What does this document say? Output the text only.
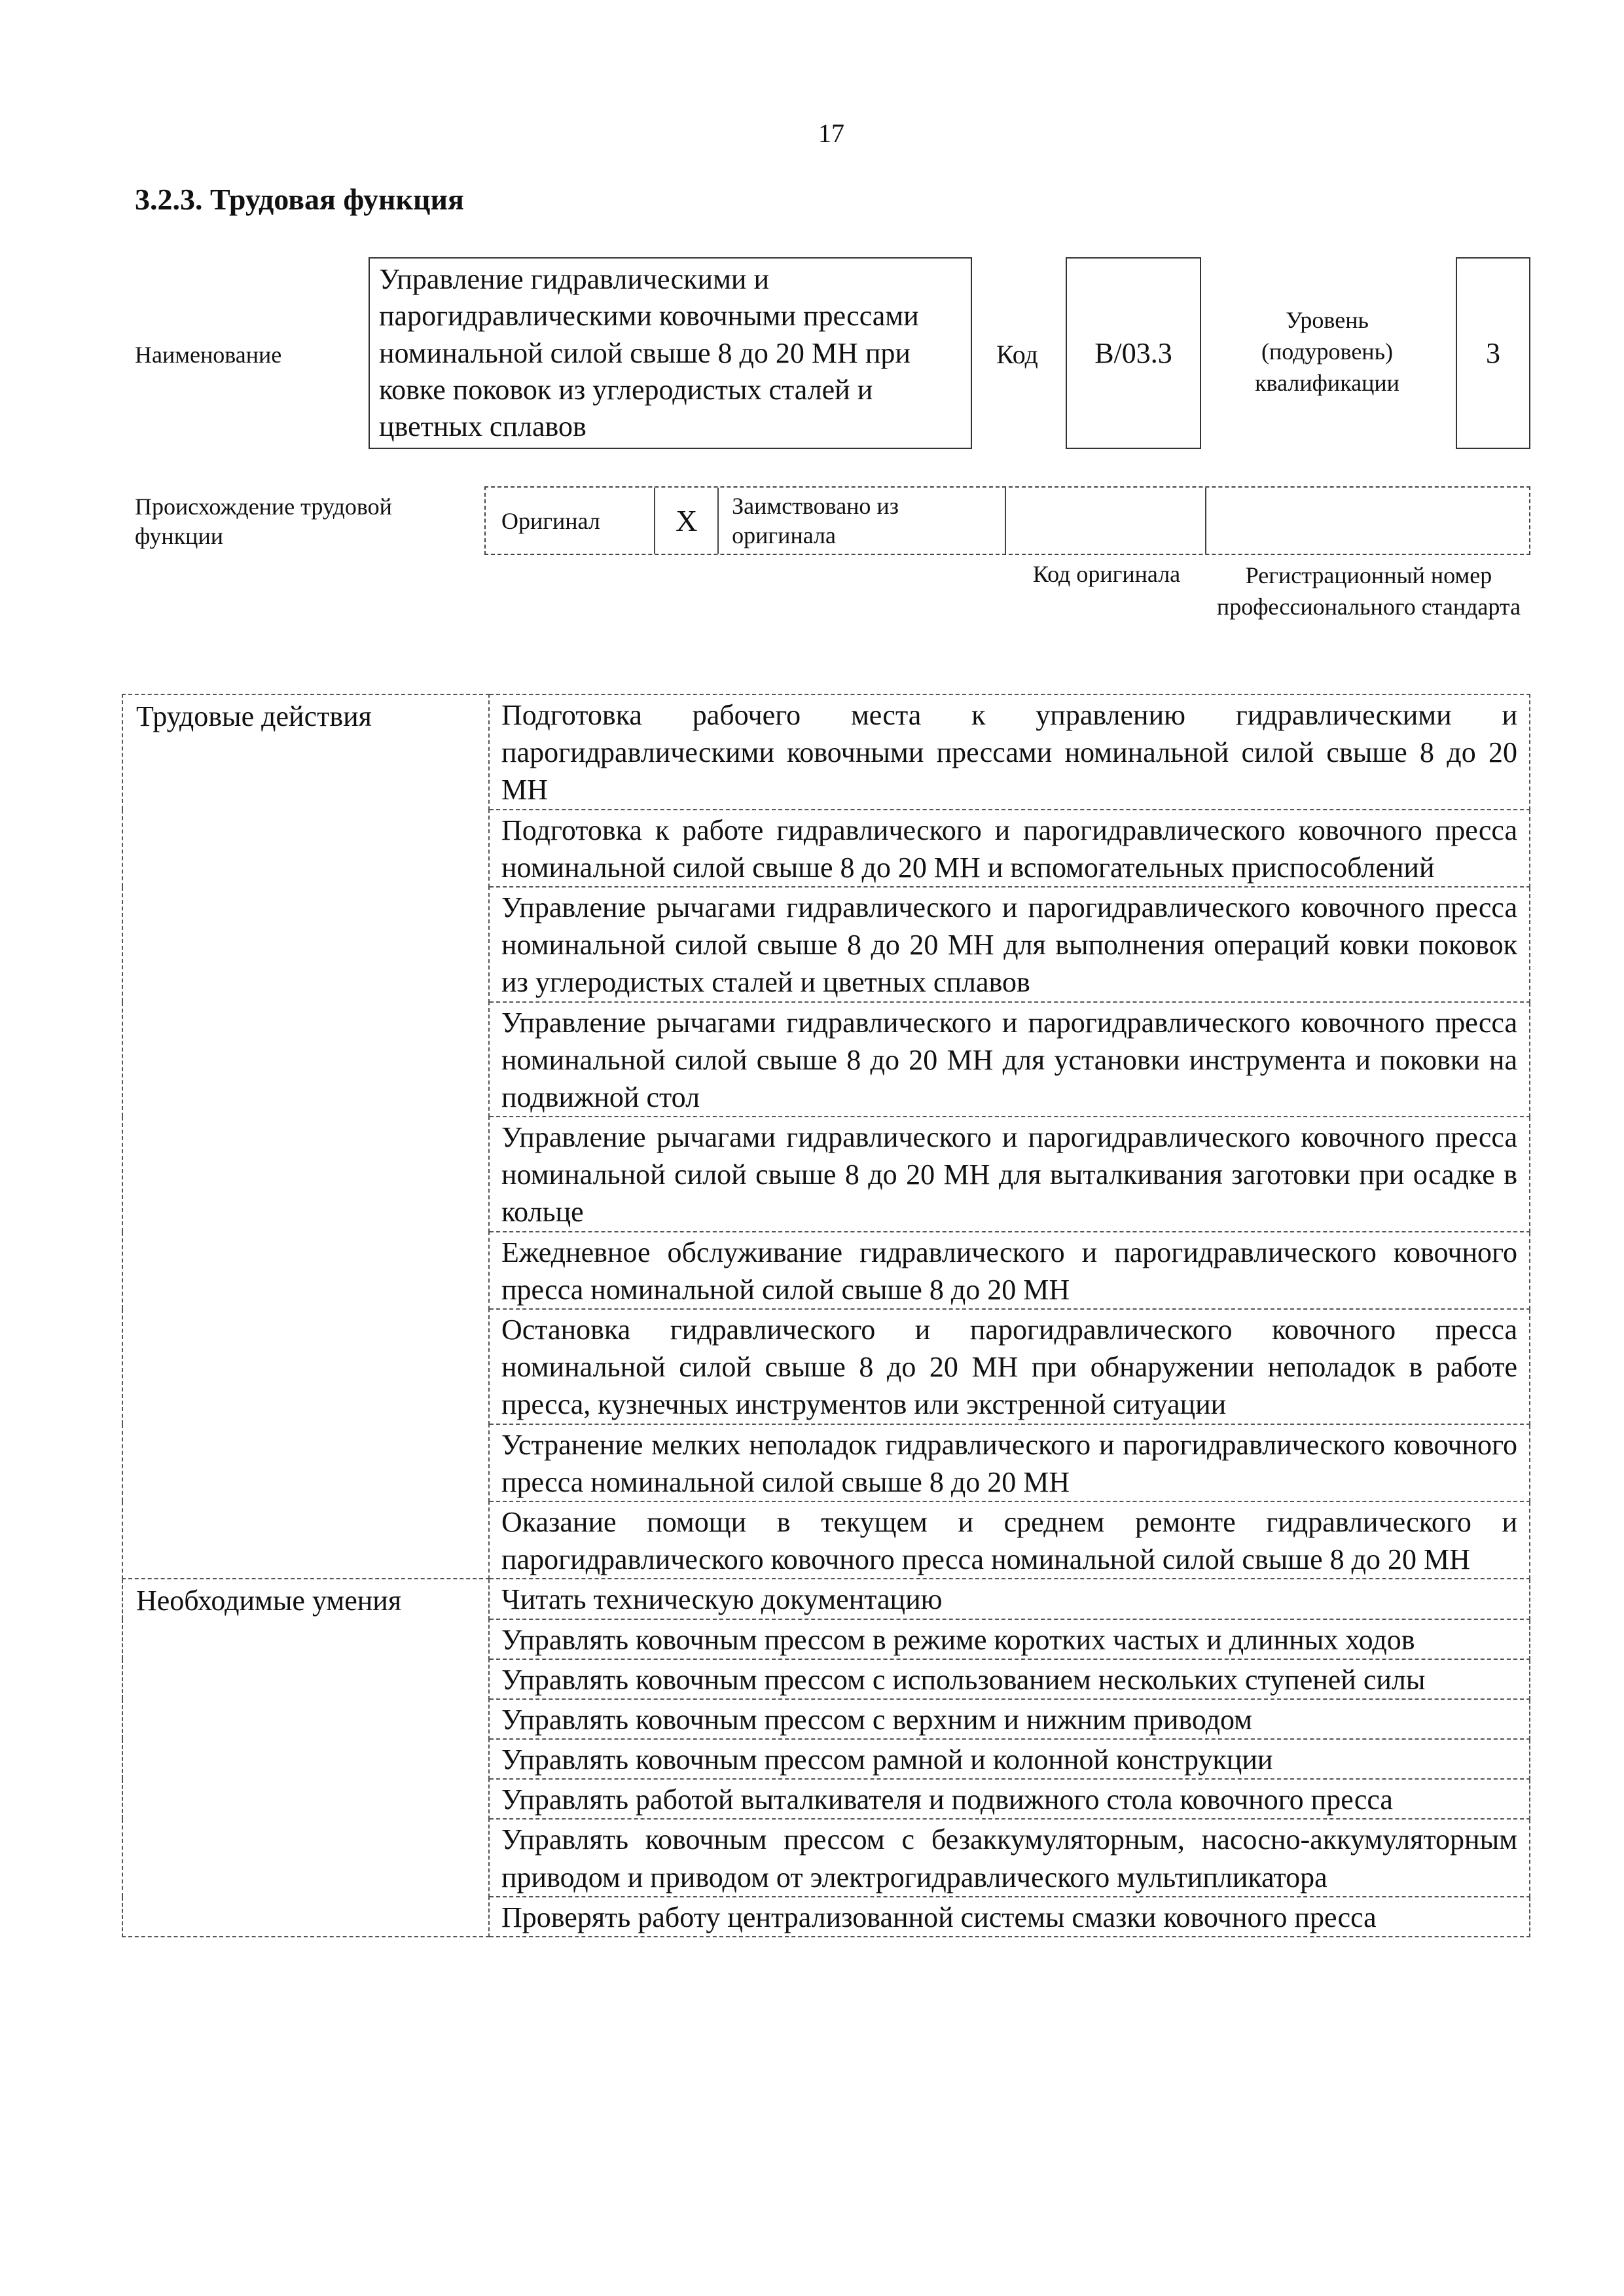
17
3.2.3. Трудовая функция
Наименование
Управление гидравлическими и парогидравлическими ковочными прессами номинальной силой свыше 8 до 20 МН при ковке поковок из углеродистых сталей и цветных сплавов
Код	B/03.3
Уровень (подуровень) квалификации
3
Происхождение трудовой функции
Оригинал	X	Заимствовано из оригинала
Код оригинала	Регистрационный номер профессионального стандарта
Трудовые действия	Подготовка рабочего места к управлению гидравлическими и парогидравлическими ковочными прессами номинальной силой свыше 8 до 20 МН
	Подготовка к работе гидравлического и парогидравлического ковочного пресса номинальной силой свыше 8 до 20 МН и вспомогательных приспособлений
	Управление рычагами гидравлического и парогидравлического ковочного пресса номинальной силой свыше 8 до 20 МН для выполнения операций ковки поковок из углеродистых сталей и цветных сплавов
	Управление рычагами гидравлического и парогидравлического ковочного пресса номинальной силой свыше 8 до 20 МН для установки инструмента и поковки на подвижной стол
	Управление рычагами гидравлического и парогидравлического ковочного пресса номинальной силой свыше 8 до 20 МН для выталкивания заготовки при осадке в кольце
	Ежедневное обслуживание гидравлического и парогидравлического ковочного пресса номинальной силой свыше 8 до 20 МН
	Остановка гидравлического и парогидравлического ковочного пресса номинальной силой свыше 8 до 20 МН при обнаружении неполадок в работе пресса, кузнечных инструментов или экстренной ситуации
	Устранение мелких неполадок гидравлического и парогидравлического ковочного пресса номинальной силой свыше 8 до 20 МН
	Оказание помощи в текущем и среднем ремонте гидравлического и парогидравлического ковочного пресса номинальной силой свыше 8 до 20 МН
Необходимые умения	Читать техническую документацию
	Управлять ковочным прессом в режиме коротких частых и длинных ходов
	Управлять ковочным прессом с использованием нескольких ступеней силы
	Управлять ковочным прессом с верхним и нижним приводом
	Управлять ковочным прессом рамной и колонной конструкции
	Управлять работой выталкивателя и подвижного стола ковочного пресса
	Управлять ковочным прессом с безаккумуляторным, насосно-аккумуляторным приводом и приводом от электрогидравлического мультипликатора
	Проверять работу централизованной системы смазки ковочного пресса
